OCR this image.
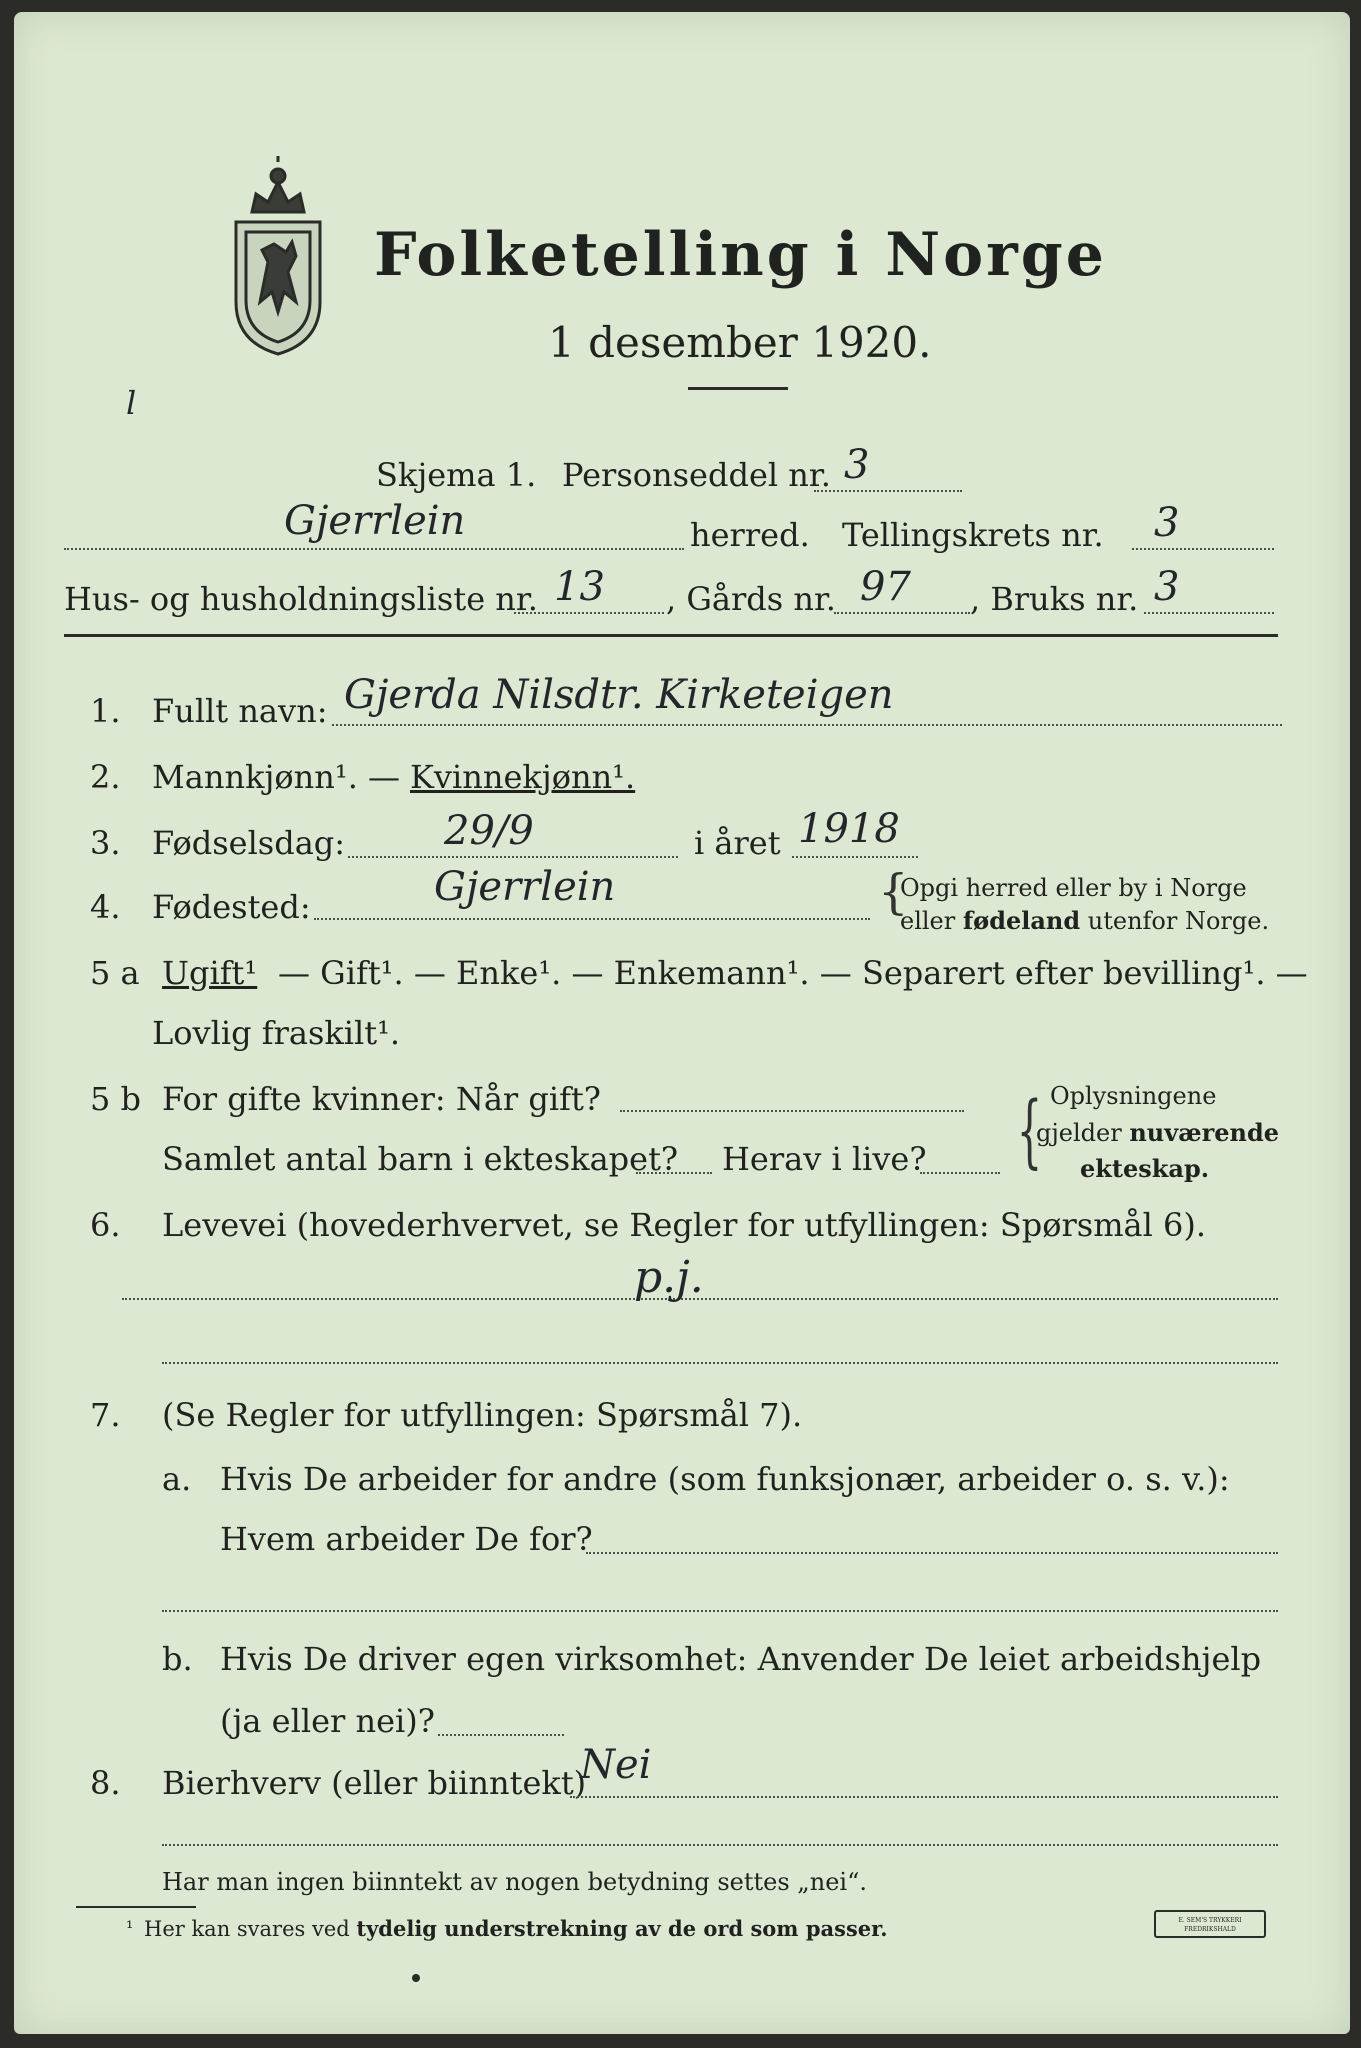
Folketelling i Norge
1 desember 1920.
l
Skjema 1. Personseddel nr. 3
Gjerrlein	herred. Tellingskrets nr. 3
Hus- og husholdningsliste nr. 13 , Gårds nr. 97 , Bruks nr. 3
1. Fullt navn: Gjerda Nilsdtr. Kirketeigen
2. Mannkjønn¹. — Kvinnekjønn¹.
3. Fødselsdag: 29/9	i året 1918
4. Fødested:	Gjerrlein	{
Opgi herred eller by i Norge
eller fødeland utenfor Norge.
5 a Ugift¹ — Gift¹. — Enke¹. — Enkemann¹. — Separert efter bevilling¹. —
Lovlig fraskilt¹.
5 b For gifte kvinner: Når gift?
Samlet antal barn i ekteskapet? Herav i live? { Oplysningene
gjelder nuværende
ekteskap.
6. Levevei (hovederhvervet, se Regler for utfyllingen: Spørsmål 6).
p.j.
7. (Se Regler for utfyllingen: Spørsmål 7).
a. Hvis De arbeider for andre (som funksjonær, arbeider o. s. v.):
Hvem arbeider De for?
b. Hvis De driver egen virksomhet: Anvender De leiet arbeidshjelp
(ja eller nei)?
8. Bierhverv (eller biinntekt)
Nei
Har man ingen biinntekt av nogen betydning settes „nei“.
¹ Her kan svares ved tydelig understrekning av de ord som passer.	E. SEM'S TRYKKERI FREDRIKSHALD
